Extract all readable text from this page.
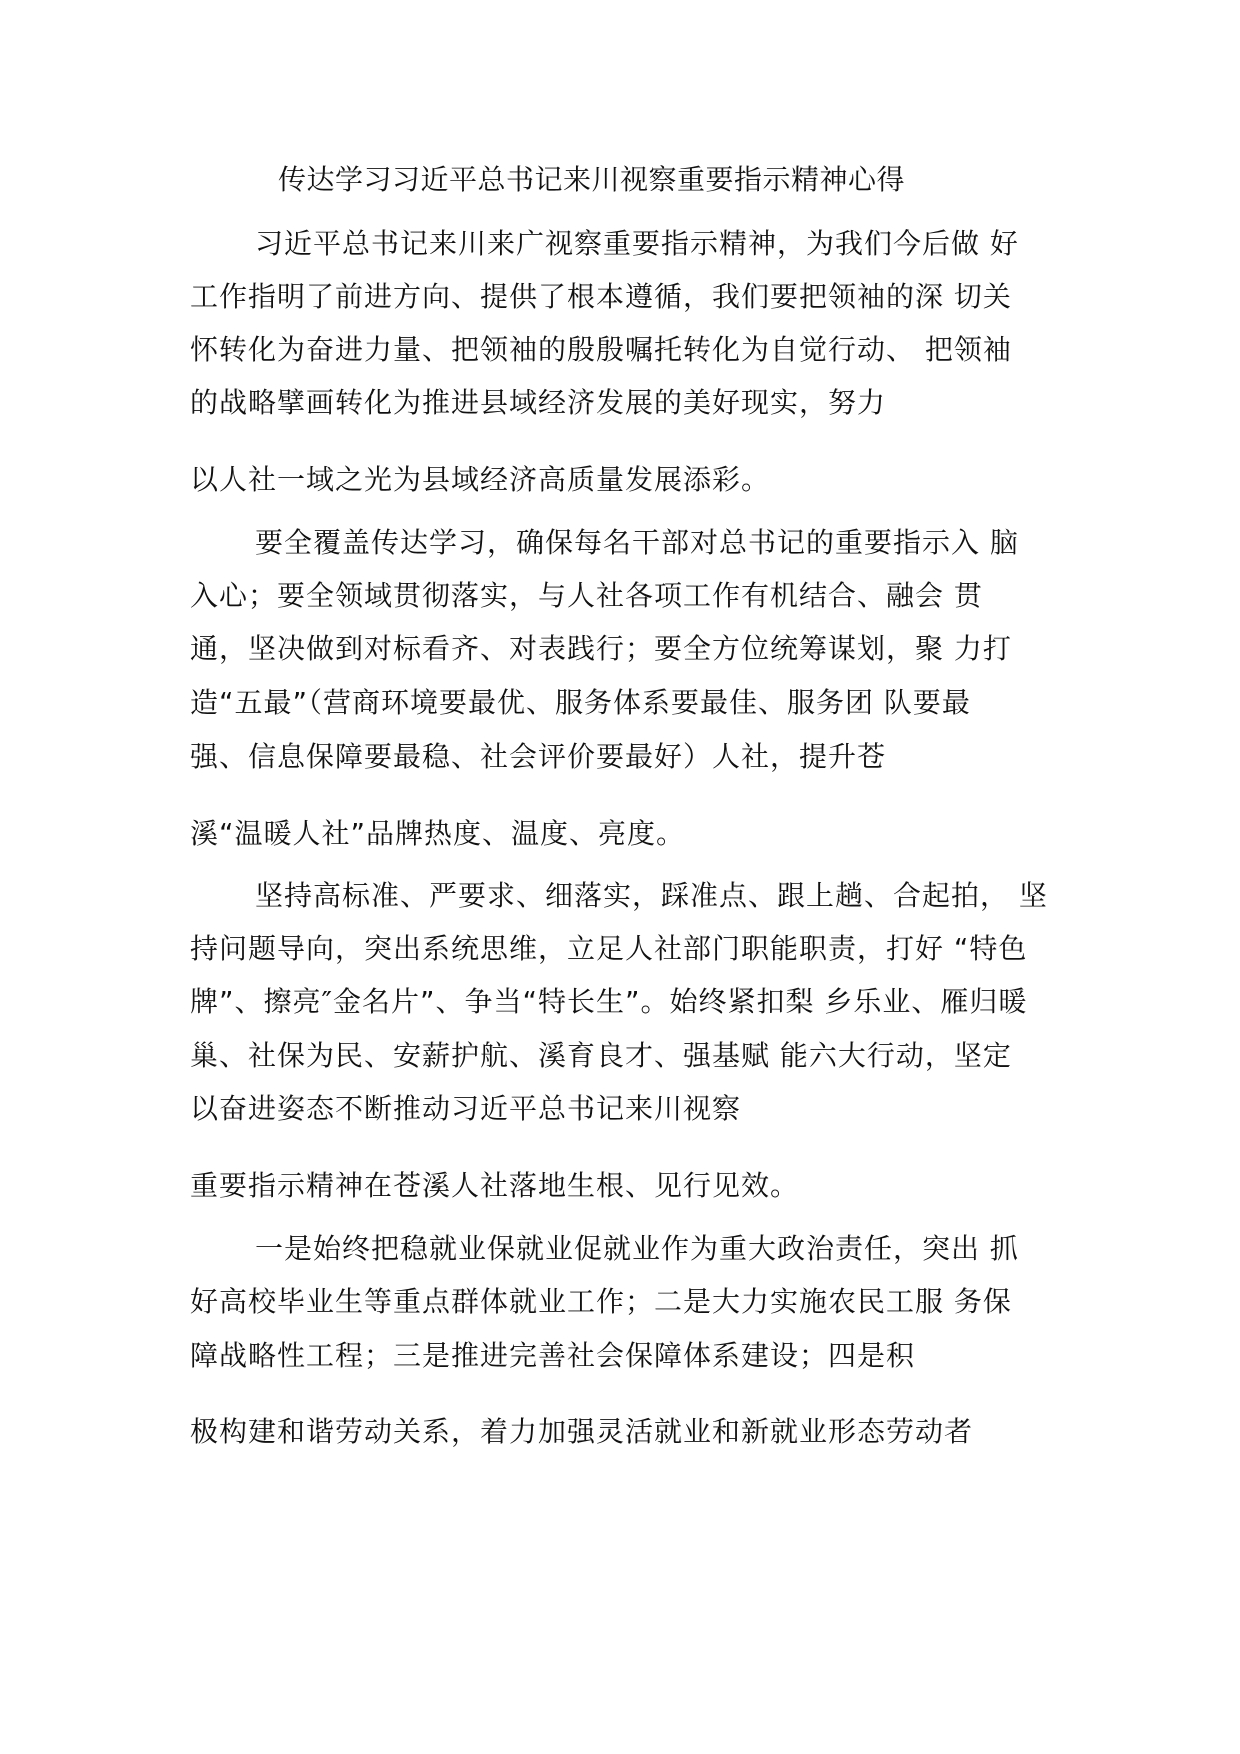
传达学习习近平总书记来川视察重要指示精神心得
习近平总书记来川来广视察重要指示精神，为我们今后做 好
工作指明了前进方向、提供了根本遵循，我们要把领袖的深 切关
怀转化为奋进力量、把领袖的殷殷嘱托转化为自觉行动、 把领袖
的战略擘画转化为推进县域经济发展的美好现实，努力
以人社一域之光为县域经济高质量发展添彩。
要全覆盖传达学习，确保每名干部对总书记的重要指示入 脑
入心；要全领域贯彻落实，与人社各项工作有机结合、融会 贯
通，坚决做到对标看齐、对表践行；要全方位统筹谋划，聚 力打
造“五最”（营商环境要最优、服务体系要最佳、服务团 队要最
强、信息保障要最稳、社会评价要最好）人社，提升苍
溪“温暖人社”品牌热度、温度、亮度。
坚持高标准、严要求、细落实，踩准点、跟上趟、合起拍， 坚
持问题导向，突出系统思维，立足人社部门职能职责，打好 “特色
牌”、擦亮″金名片”、争当“特长生”。始终紧扣梨 乡乐业、雁归暖
巢、社保为民、安薪护航、溪育良才、强基赋 能六大行动，坚定
以奋进姿态不断推动习近平总书记来川视察
重要指示精神在苍溪人社落地生根、见行见效。
一是始终把稳就业保就业促就业作为重大政治责任，突出 抓
好高校毕业生等重点群体就业工作；二是大力实施农民工服 务保
障战略性工程；三是推进完善社会保障体系建设；四是积
极构建和谐劳动关系，着力加强灵活就业和新就业形态劳动者
